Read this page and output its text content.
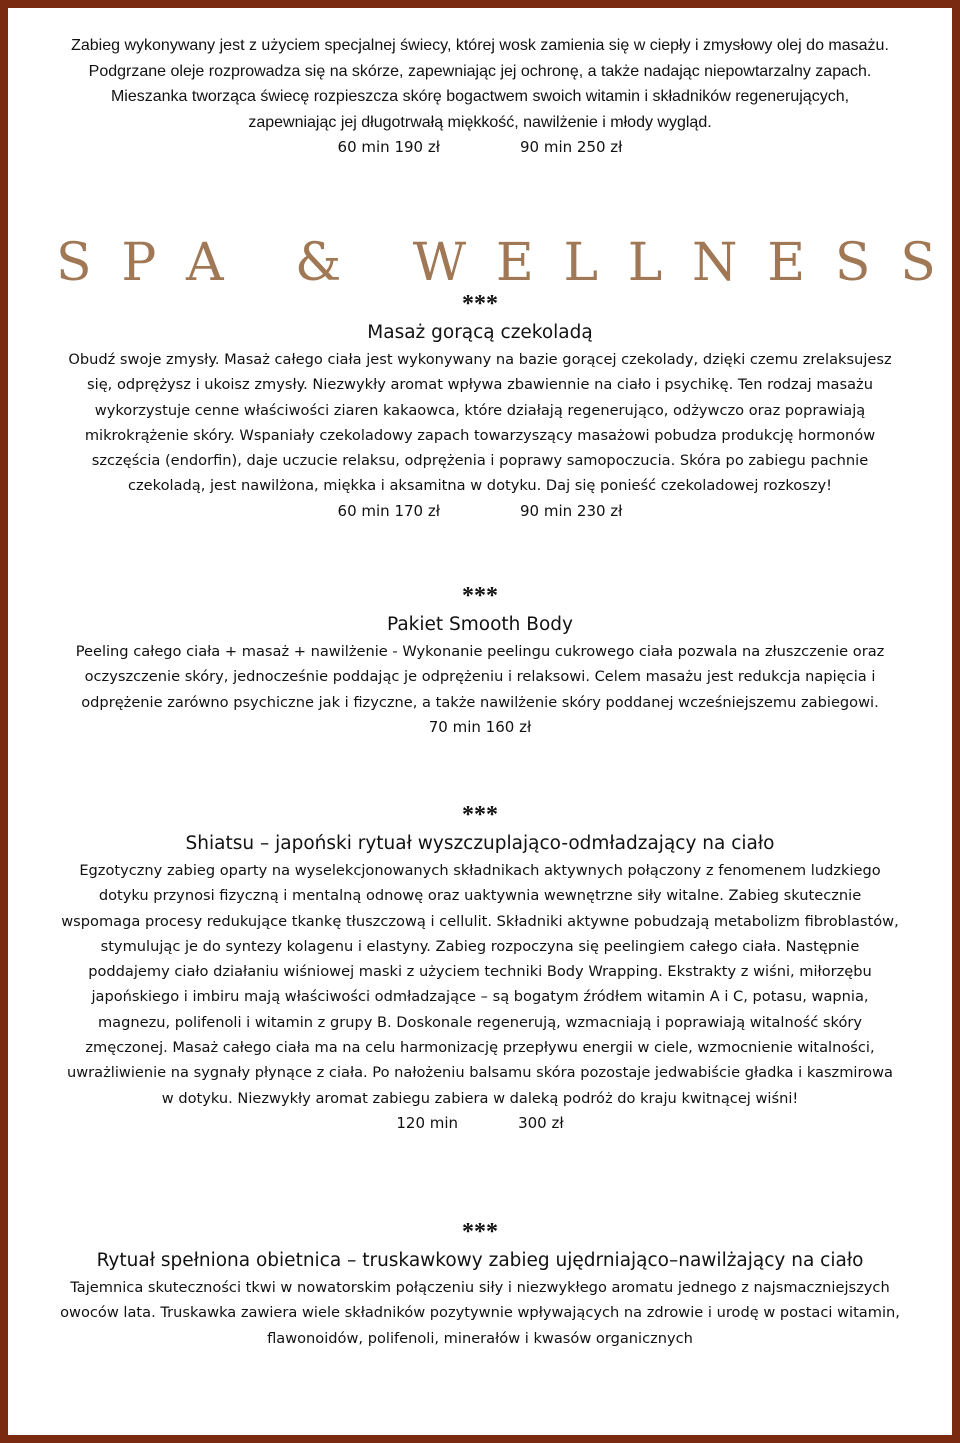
Zabieg wykonywany jest z użyciem specjalnej świecy, której wosk zamienia się w ciepły i zmysłowy olej do masażu. Podgrzane oleje rozprowadza się na skórze, zapewniając jej ochronę, a także nadając niepowtarzalny zapach. Mieszanka tworząca świecę rozpieszcza skórę bogactwem swoich witamin i składników regenerujących, zapewniając jej długotrwałą miękkość, nawilżenie i młody wygląd.

60 min 190 zł	90 min 250 zł
S P A & W E L L N E S S
***
Masaż gorącą czekoladą

Obudź swoje zmysły. Masaż całego ciała jest wykonywany na bazie gorącej czekolady, dzięki czemu zrelaksujesz się, odprężysz i ukoisz zmysły. Niezwykły aromat wpływa zbawiennie na ciało i psychikę. Ten rodzaj masażu wykorzystuje cenne właściwości ziaren kakaowca, które działają regenerująco, odżywczo oraz poprawiają mikrokrążenie skóry. Wspaniały czekoladowy zapach towarzyszący masażowi pobudza produkcję hormonów szczęścia (endorfin), daje uczucie relaksu, odprężenia i poprawy samopoczucia. Skóra po zabiegu pachnie czekoladą, jest nawilżona, miękka i aksamitna w dotyku. Daj się ponieść czekoladowej rozkoszy!

60 min 170 zł	90 min 230 zł
***
Pakiet Smooth Body

Peeling całego ciała + masaż + nawilżenie - Wykonanie peelingu cukrowego ciała pozwala na złuszczenie oraz oczyszczenie skóry, jednocześnie poddając je odprężeniu i relaksowi. Celem masażu jest redukcja napięcia i odprężenie zarówno psychiczne jak i fizyczne, a także nawilżenie skóry poddanej wcześniejszemu zabiegowi.

70 min 160 zł
***
Shiatsu – japoński rytuał wyszczuplająco-odmładzający na ciało

Egzotyczny zabieg oparty na wyselekcjonowanych składnikach aktywnych połączony z fenomenem ludzkiego dotyku przynosi fizyczną i mentalną odnowę oraz uaktywnia wewnętrzne siły witalne. Zabieg skutecznie wspomaga procesy redukujące tkankę tłuszczową i cellulit. Składniki aktywne pobudzają metabolizm fibroblastów, stymulując je do syntezy kolagenu i elastyny. Zabieg rozpoczyna się peelingiem całego ciała. Następnie poddajemy ciało działaniu wiśniowej maski z użyciem techniki Body Wrapping. Ekstrakty z wiśni, miłorzębu japońskiego i imbiru mają właściwości odmładzające – są bogatym źródłem witamin A i C, potasu, wapnia, magnezu, polifenoli i witamin z grupy B. Doskonale regenerują, wzmacniają i poprawiają witalność skóry zmęczonej. Masaż całego ciała ma na celu harmonizację przepływu energii w ciele, wzmocnienie witalności, uwrażliwienie na sygnały płynące z ciała. Po nałożeniu balsamu skóra pozostaje jedwabiście gładka i kaszmirowa w dotyku. Niezwykły aromat zabiegu zabiera w daleką podróż do kraju kwitnącej wiśni!

120 min	300 zł
***
Rytuał spełniona obietnica – truskawkowy zabieg ujędrniająco–nawilżający na ciało

Tajemnica skuteczności tkwi w nowatorskim połączeniu siły i niezwykłego aromatu jednego z najsmaczniejszych owoców lata. Truskawka zawiera wiele składników pozytywnie wpływających na zdrowie i urodę w postaci witamin, flawonoidów, polifenoli, minerałów i kwasów organicznych
